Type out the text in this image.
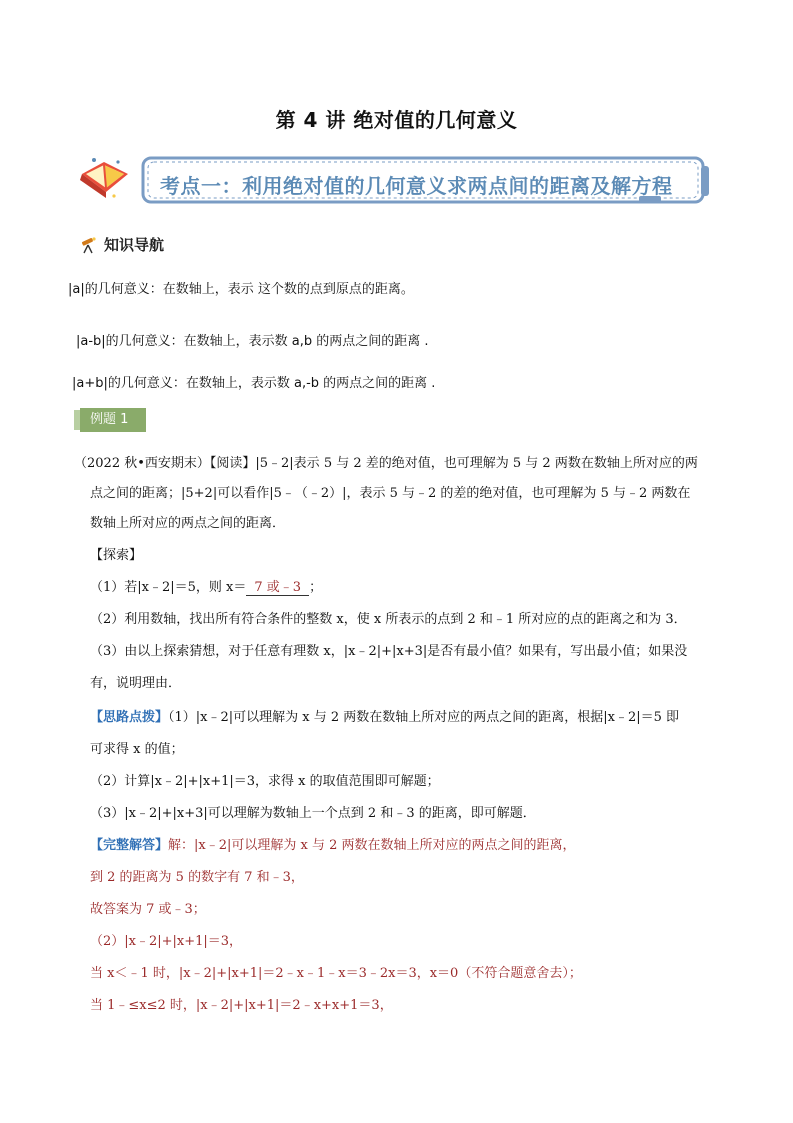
第 4 讲 绝对值的几何意义
考点一：利用绝对值的几何意义求两点间的距离及解方程
知识导航
|a|的几何意义：在数轴上，表示 这个数的点到原点的距离。
|a-b|的几何意义：在数轴上，表示数 a,b 的两点之间的距离 .
|a+b|的几何意义：在数轴上，表示数 a,-b 的两点之间的距离 .
例题 1
（2022 秋•西安期末）【阅读】|5﹣2|表示 5 与 2 差的绝对值，也可理解为 5 与 2 两数在数轴上所对应的两
点之间的距离；|5+2|可以看作|5﹣（﹣2）|，表示 5 与﹣2 的差的绝对值，也可理解为 5 与﹣2 两数在
数轴上所对应的两点之间的距离．
【探索】
（1）若|x﹣2|＝5，则 x＝ 7 或﹣3 ；
（2）利用数轴，找出所有符合条件的整数 x，使 x 所表示的点到 2 和﹣1 所对应的点的距离之和为 3．
（3）由以上探索猜想，对于任意有理数 x，|x﹣2|+|x+3|是否有最小值？如果有，写出最小值；如果没
有，说明理由．
【思路点拨】（1）|x﹣2|可以理解为 x 与 2 两数在数轴上所对应的两点之间的距离，根据|x﹣2|＝5 即
可求得 x 的值；
（2）计算|x﹣2|+|x+1|＝3，求得 x 的取值范围即可解题；
（3）|x﹣2|+|x+3|可以理解为数轴上一个点到 2 和﹣3 的距离，即可解题．
【完整解答】解：|x﹣2|可以理解为 x 与 2 两数在数轴上所对应的两点之间的距离，
到 2 的距离为 5 的数字有 7 和﹣3，
故答案为 7 或﹣3；
（2）|x﹣2|+|x+1|＝3，
当 x＜﹣1 时，|x﹣2|+|x+1|＝2﹣x﹣1﹣x＝3﹣2x＝3，x＝0（不符合题意舍去）；
当 1﹣≤x≤2 时，|x﹣2|+|x+1|＝2﹣x+x+1＝3，
